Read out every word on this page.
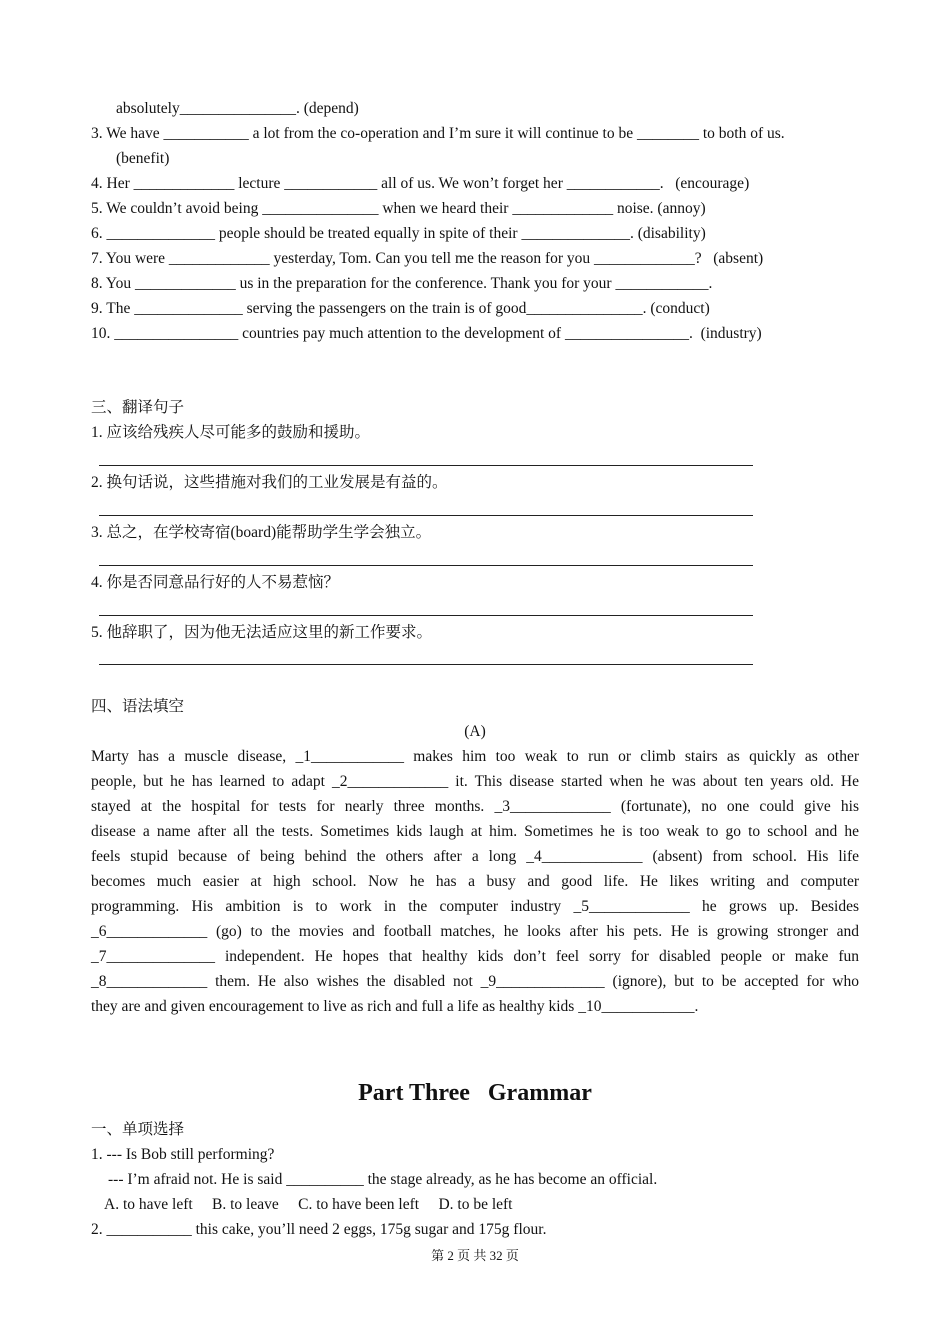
absolutely_______________. (depend)
3. We have ___________ a lot from the co-operation and I’m sure it will continue to be ________ to both of us.
(benefit)
4. Her _____________ lecture ____________ all of us. We won’t forget her ____________.   (encourage)
5. We couldn’t avoid being _______________ when we heard their _____________ noise. (annoy)
6. ______________ people should be treated equally in spite of their ______________. (disability)
7. You were _____________ yesterday, Tom. Can you tell me the reason for you _____________?   (absent)
8. You _____________ us in the preparation for the conference. Thank you for your ____________.
9. The ______________ serving the passengers on the train is of good_______________. (conduct)
10. ________________ countries pay much attention to the development of ________________.  (industry)
三、翻译句子
1. 应该给残疾人尽可能多的鼓励和援助。
2. 换句话说，这些措施对我们的工业发展是有益的。
3. 总之，在学校寄宿(board)能帮助学生学会独立。
4. 你是否同意品行好的人不易惹恼？
5. 他辞职了，因为他无法适应这里的新工作要求。
四、语法填空
(A)
Marty has a muscle disease, _1____________ makes him too weak to run or climb stairs as quickly as other
people, but he has learned to adapt _2_____________ it. This disease started when he was about ten years old. He
stayed at the hospital for tests for nearly three months. _3_____________ (fortunate), no one could give his
disease a name after all the tests. Sometimes kids laugh at him. Sometimes he is too weak to go to school and he
feels stupid because of being behind the others after a long _4_____________ (absent) from school. His life
becomes much easier at high school. Now he has a busy and good life. He likes writing and computer
programming. His ambition is to work in the computer industry _5_____________ he grows up. Besides
_6_____________ (go) to the movies and football matches, he looks after his pets. He is growing stronger and
_7______________ independent. He hopes that healthy kids don’t feel sorry for disabled people or make fun
_8_____________ them. He also wishes the disabled not _9______________ (ignore), but to be accepted for who
they are and given encouragement to live as rich and full a life as healthy kids _10____________.
Part Three   Grammar
一、单项选择
1. --- Is Bob still performing?
--- I’m afraid not. He is said __________ the stage already, as he has become an official.
A. to have left     B. to leave     C. to have been left     D. to be left
2. ___________ this cake, you’ll need 2 eggs, 175g sugar and 175g flour.
第 2 页 共 32 页
